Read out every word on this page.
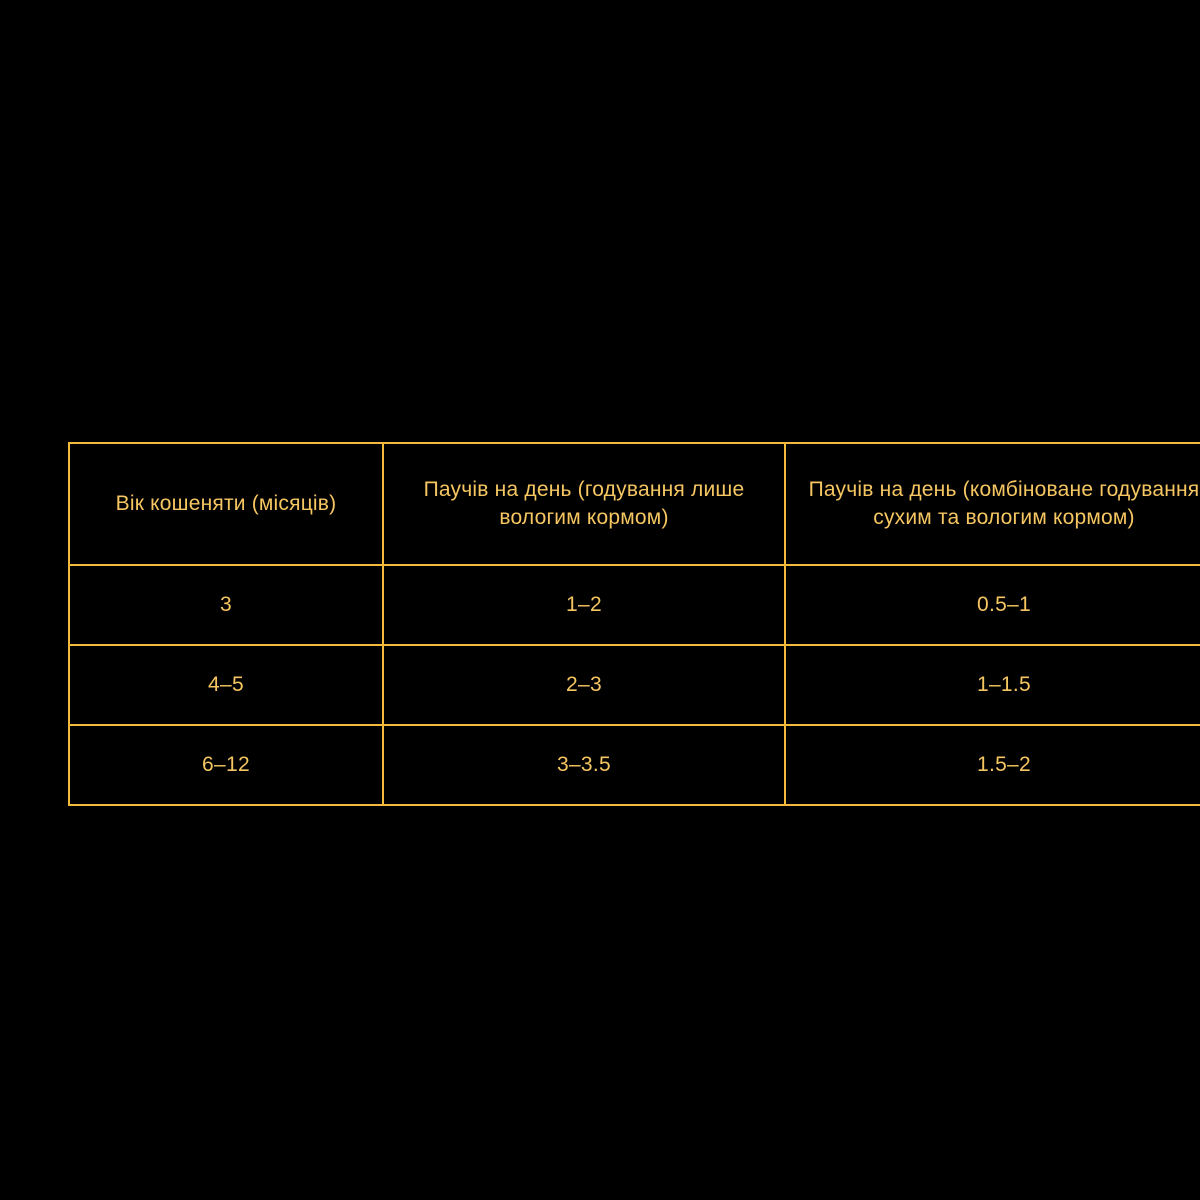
Вік кошеняти (місяців)	Паучів на день (годування лише вологим кормом)	Паучів на день (комбіноване годування сухим та вологим кормом)
3	1–2	0.5–1
4–5	2–3	1–1.5
6–12	3–3.5	1.5–2
